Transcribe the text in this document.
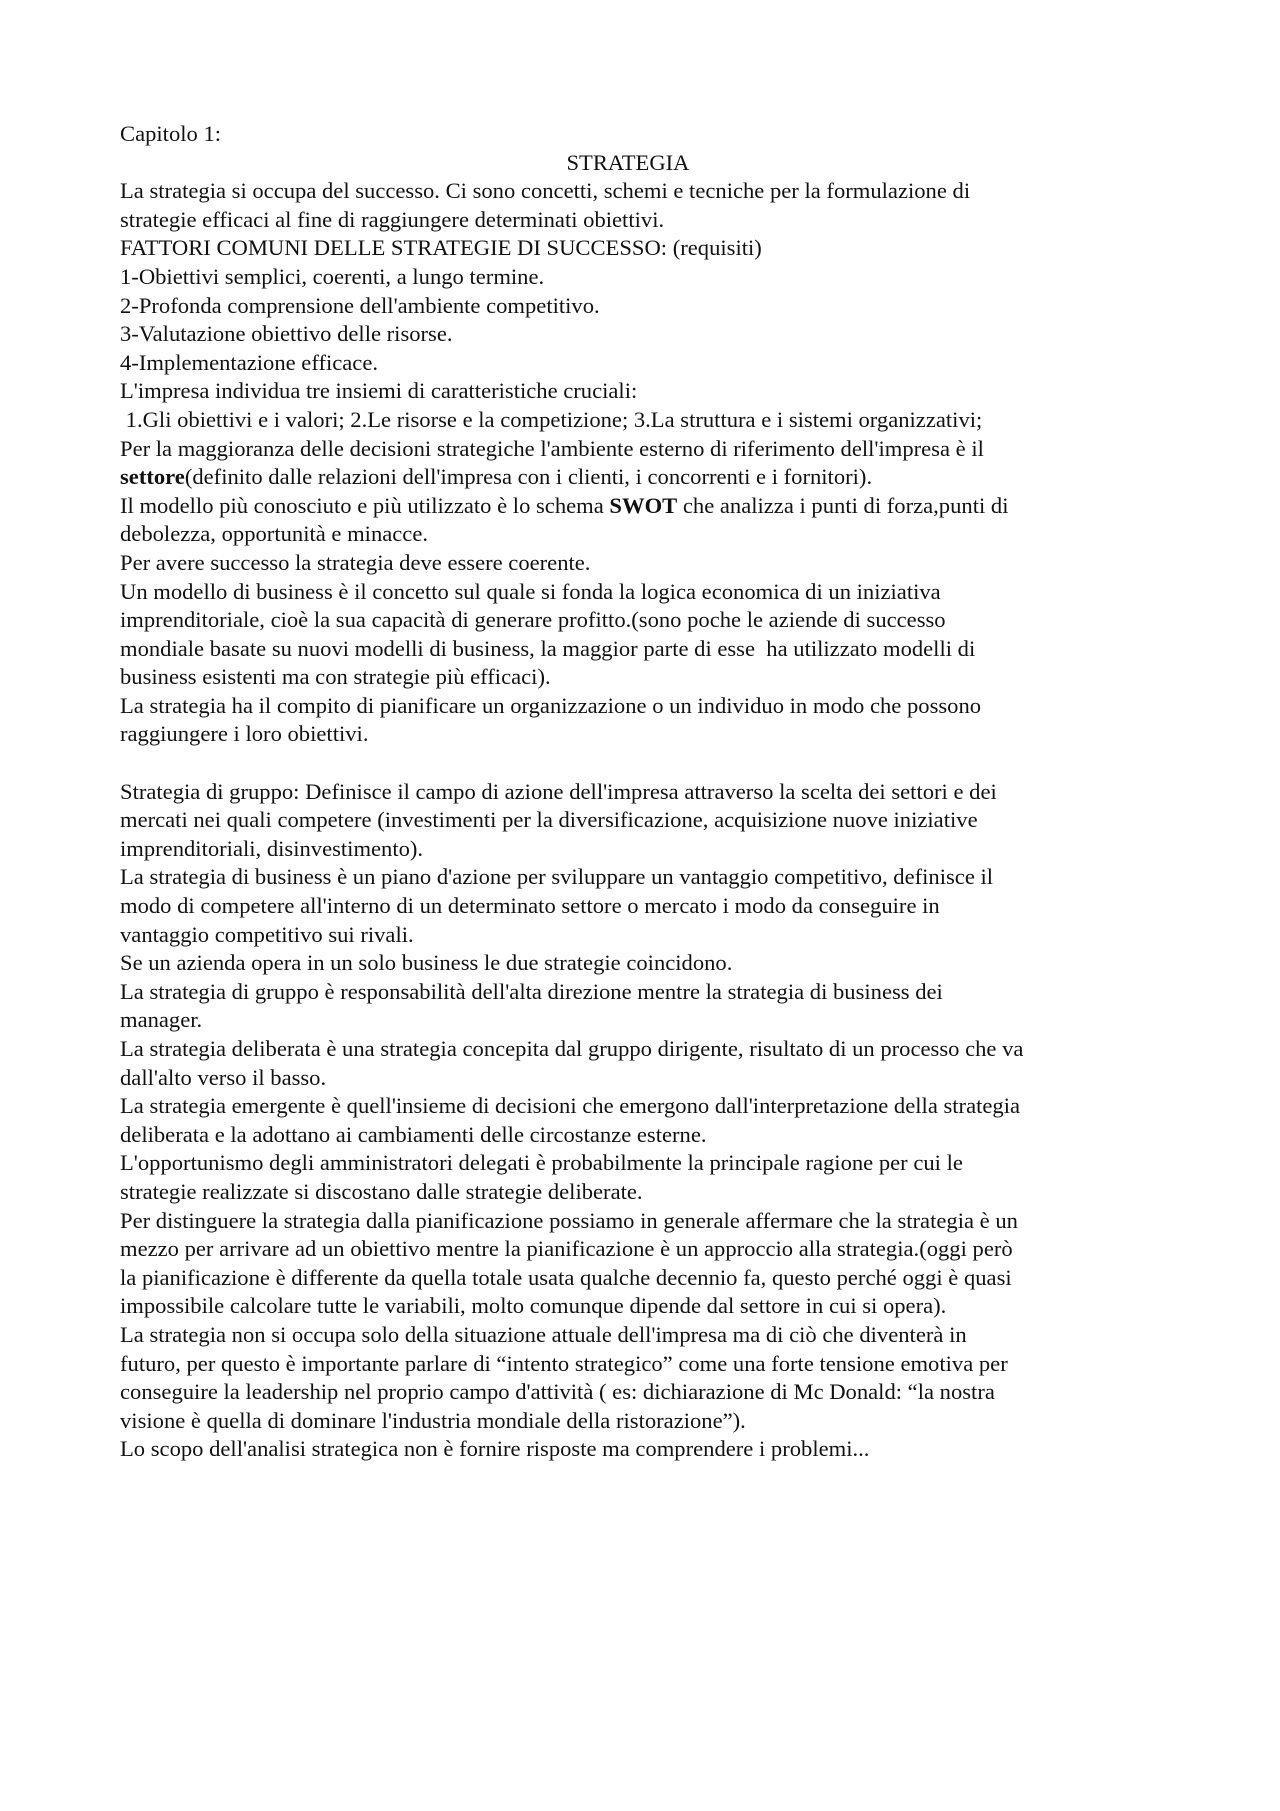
Capitolo 1:
STRATEGIA
La strategia si occupa del successo. Ci sono concetti, schemi e tecniche per la formulazione di
strategie efficaci al fine di raggiungere determinati obiettivi.
FATTORI COMUNI DELLE STRATEGIE DI SUCCESSO: (requisiti)
1-Obiettivi semplici, coerenti, a lungo termine.
2-Profonda comprensione dell'ambiente competitivo.
3-Valutazione obiettivo delle risorse.
4-Implementazione efficace.
L'impresa individua tre insiemi di caratteristiche cruciali:
1.Gli obiettivi e i valori; 2.Le risorse e la competizione; 3.La struttura e i sistemi organizzativi;
Per la maggioranza delle decisioni strategiche l'ambiente esterno di riferimento dell'impresa è il
settore(definito dalle relazioni dell'impresa con i clienti, i concorrenti e i fornitori).
Il modello più conosciuto e più utilizzato è lo schema SWOT che analizza i punti di forza,punti di
debolezza, opportunità e minacce.
Per avere successo la strategia deve essere coerente.
Un modello di business è il concetto sul quale si fonda la logica economica di un iniziativa
imprenditoriale, cioè la sua capacità di generare profitto.(sono poche le aziende di successo
mondiale basate su nuovi modelli di business, la maggior parte di esse  ha utilizzato modelli di
business esistenti ma con strategie più efficaci).
La strategia ha il compito di pianificare un organizzazione o un individuo in modo che possono
raggiungere i loro obiettivi.
Strategia di gruppo: Definisce il campo di azione dell'impresa attraverso la scelta dei settori e dei
mercati nei quali competere (investimenti per la diversificazione, acquisizione nuove iniziative
imprenditoriali, disinvestimento).
La strategia di business è un piano d'azione per sviluppare un vantaggio competitivo, definisce il
modo di competere all'interno di un determinato settore o mercato i modo da conseguire in
vantaggio competitivo sui rivali.
Se un azienda opera in un solo business le due strategie coincidono.
La strategia di gruppo è responsabilità dell'alta direzione mentre la strategia di business dei
manager.
La strategia deliberata è una strategia concepita dal gruppo dirigente, risultato di un processo che va
dall'alto verso il basso.
La strategia emergente è quell'insieme di decisioni che emergono dall'interpretazione della strategia
deliberata e la adottano ai cambiamenti delle circostanze esterne.
L'opportunismo degli amministratori delegati è probabilmente la principale ragione per cui le
strategie realizzate si discostano dalle strategie deliberate.
Per distinguere la strategia dalla pianificazione possiamo in generale affermare che la strategia è un
mezzo per arrivare ad un obiettivo mentre la pianificazione è un approccio alla strategia.(oggi però
la pianificazione è differente da quella totale usata qualche decennio fa, questo perché oggi è quasi
impossibile calcolare tutte le variabili, molto comunque dipende dal settore in cui si opera).
La strategia non si occupa solo della situazione attuale dell'impresa ma di ciò che diventerà in
futuro, per questo è importante parlare di “intento strategico” come una forte tensione emotiva per
conseguire la leadership nel proprio campo d'attività ( es: dichiarazione di Mc Donald: “la nostra
visione è quella di dominare l'industria mondiale della ristorazione”).
Lo scopo dell'analisi strategica non è fornire risposte ma comprendere i problemi...
